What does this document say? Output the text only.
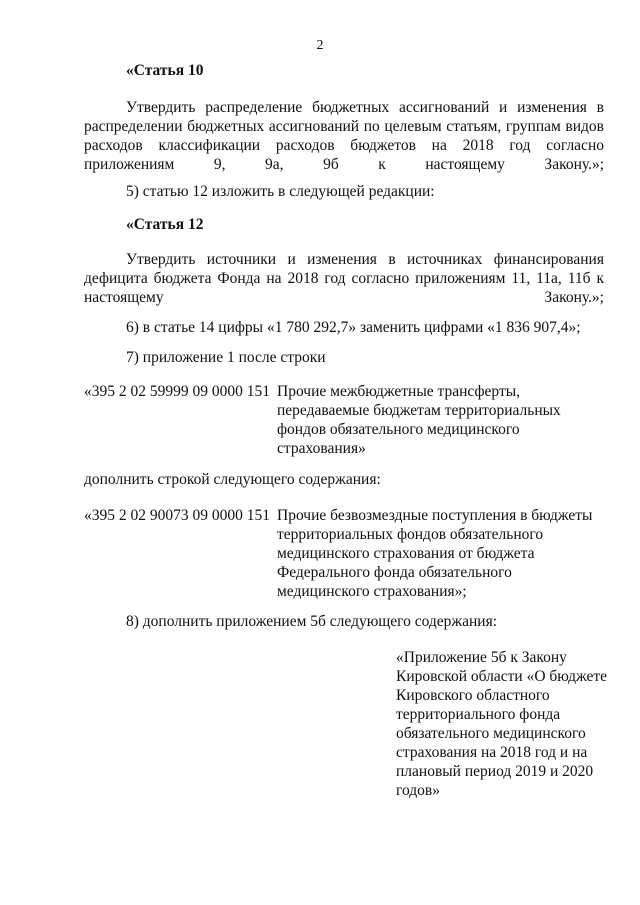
2
«Статья 10
Утвердить распределение бюджетных ассигнований и изменения в распределении бюджетных ассигнований по целевым статьям, группам видов расходов классификации расходов бюджетов на 2018 год согласно приложениям 9, 9а, 9б к настоящему Закону.»;
5) статью 12 изложить в следующей редакции:
«Статья 12
Утвердить источники и изменения в источниках финансирования дефицита бюджета Фонда на 2018 год согласно приложениям 11, 11а, 11б к настоящему Закону.»;
6) в статье 14 цифры «1 780 292,7» заменить цифрами «1 836 907,4»;
7) приложение 1 после строки
«395 2 02 59999 09 0000 151 Прочие межбюджетные трансферты, передаваемые бюджетам территориальных фондов обязательного медицинского страхования»
дополнить строкой следующего содержания:
«395 2 02 90073 09 0000 151 Прочие безвозмездные поступления в бюджеты территориальных фондов обязательного медицинского страхования от бюджета Федерального фонда обязательного медицинского страхования»;
8) дополнить приложением 5б следующего содержания:
«Приложение 5б к Закону Кировской области «О бюджете Кировского областного территориального фонда обязательного медицинского страхования на 2018 год и на плановый период 2019 и 2020 годов»
